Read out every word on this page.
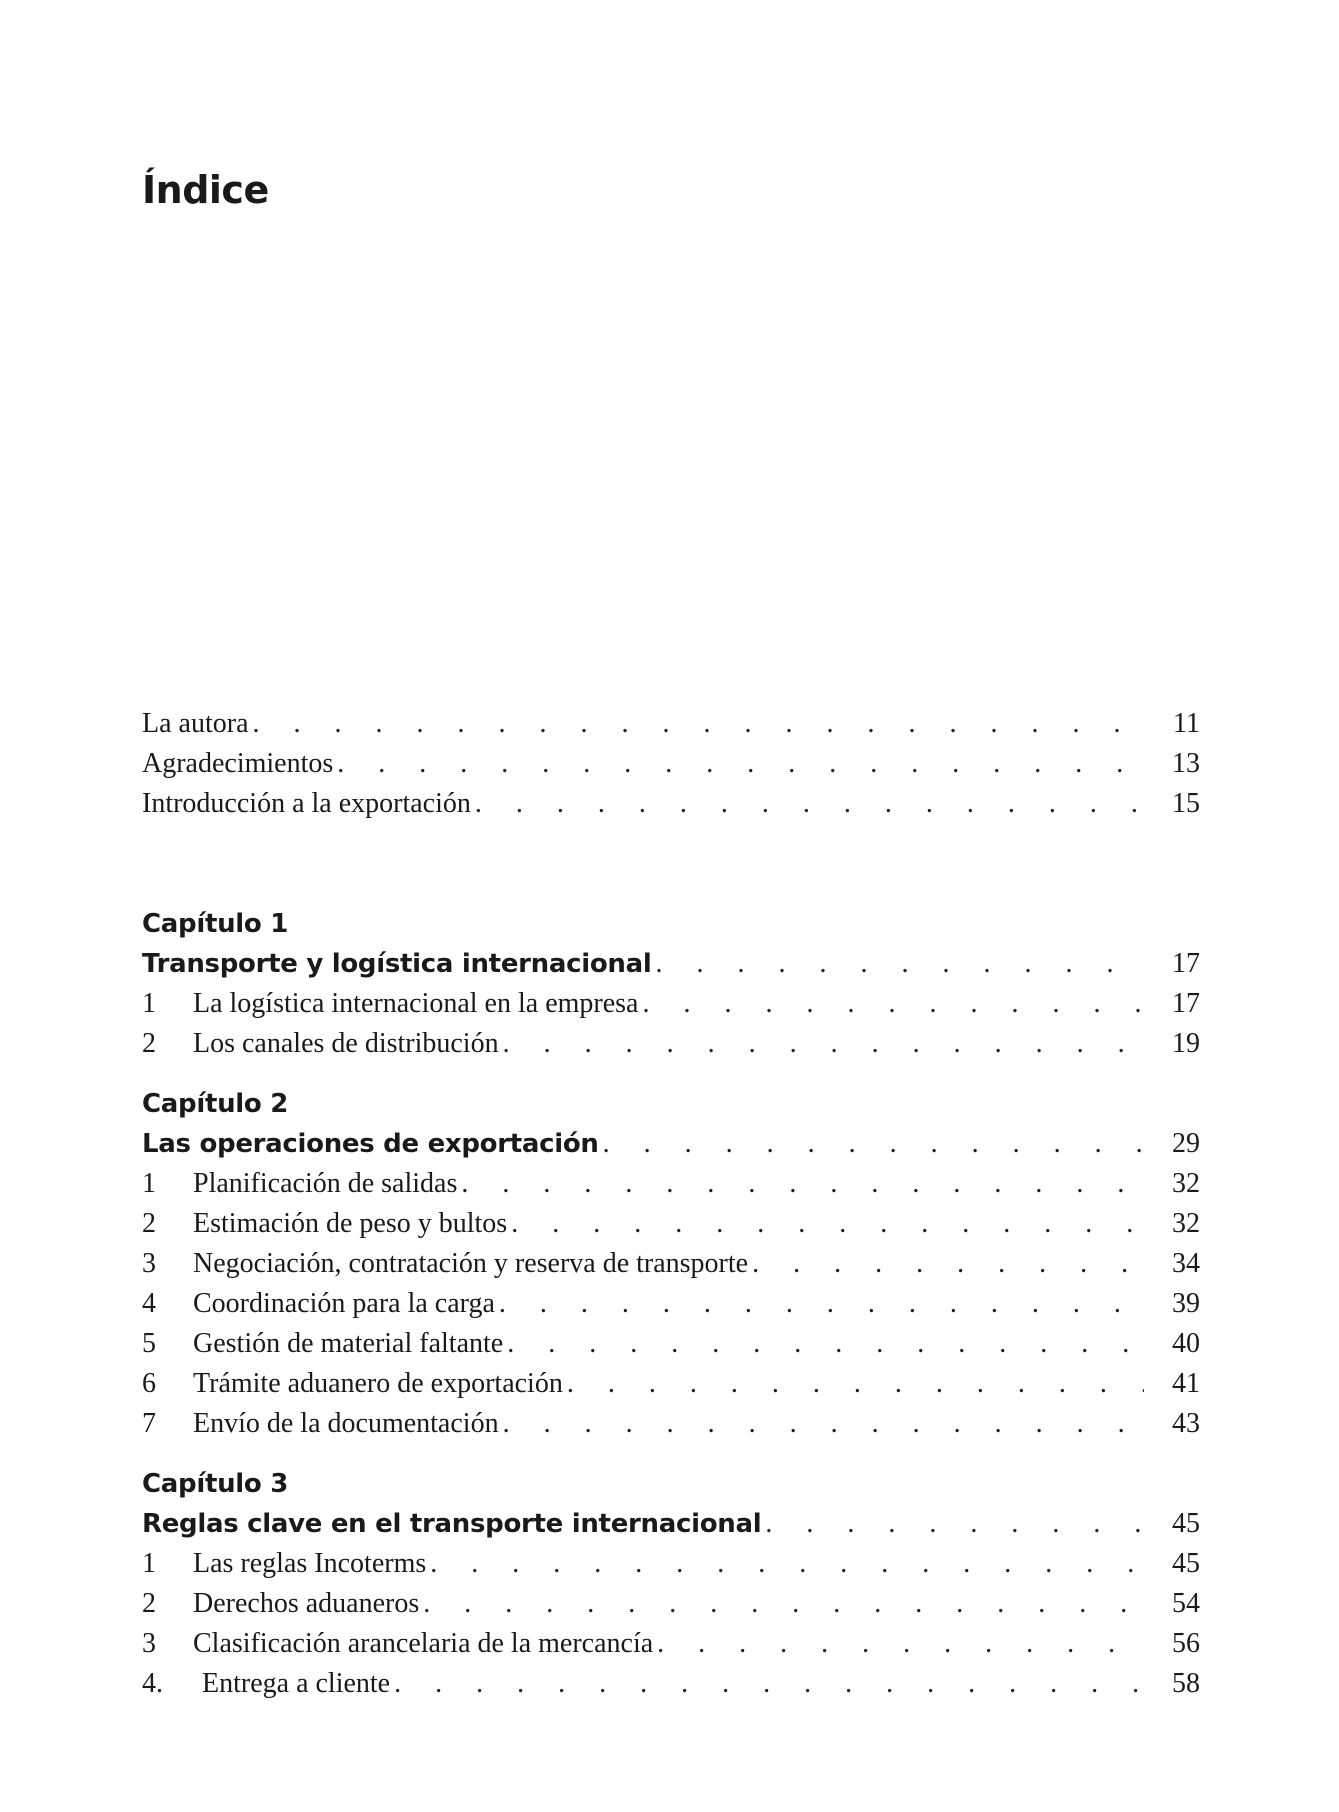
Índice
La autora . . .	11
Agradecimientos . . .	13
Introducción a la exportación . . .	15
Capítulo 1
Transporte y logística internacional . . .	17
1	La logística internacional en la empresa . . .	17
2	Los canales de distribución . . .	19
Capítulo 2
Las operaciones de exportación . . .	29
1	Planificación de salidas . . .	32
2	Estimación de peso y bultos . . .	32
3	Negociación, contratación y reserva de transporte . . .	34
4	Coordinación para la carga . . .	39
5	Gestión de material faltante . . .	40
6	Trámite aduanero de exportación . . .	41
7	Envío de la documentación . . .	43
Capítulo 3
Reglas clave en el transporte internacional . . .	45
1	Las reglas Incoterms . . .	45
2	Derechos aduaneros . . .	54
3	Clasificación arancelaria de la mercancía . . .	56
4.	Entrega a cliente . . .	58
